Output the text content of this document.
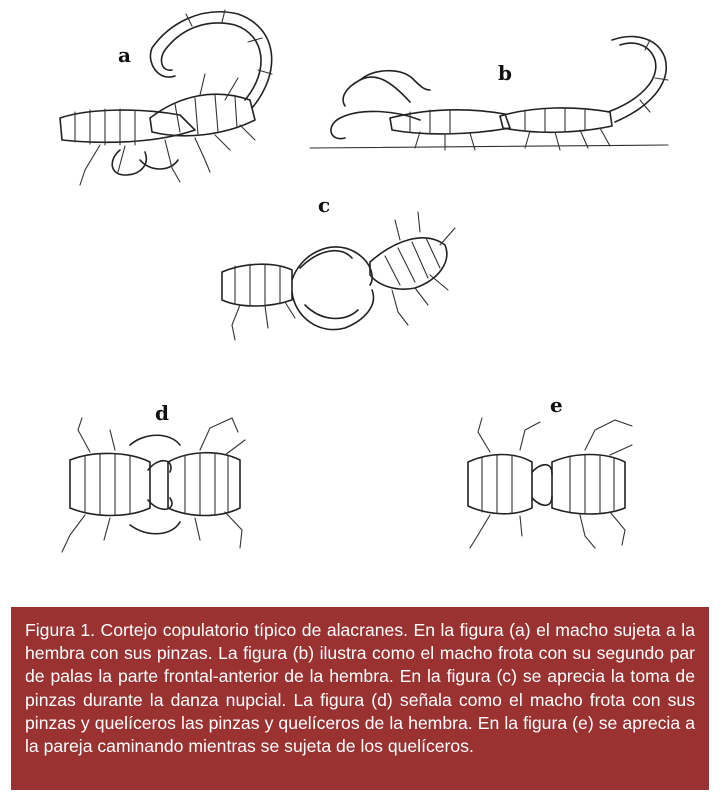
a
b
c
d	e

Figura 1. Cortejo copulatorio típico de alacranes. En la figura (a) el macho sujeta a la hembra con sus pinzas. La figura (b) ilustra como el macho frota con su segundo par de palas la parte frontal-anterior de la hembra. En la figura (c) se aprecia la toma de pinzas durante la danza nupcial. La figura (d) señala como el macho frota con sus pinzas y quelíceros las pinzas y quelíceros de la hembra. En la figura (e) se aprecia a la pareja caminando mientras se sujeta de los quelíceros.
